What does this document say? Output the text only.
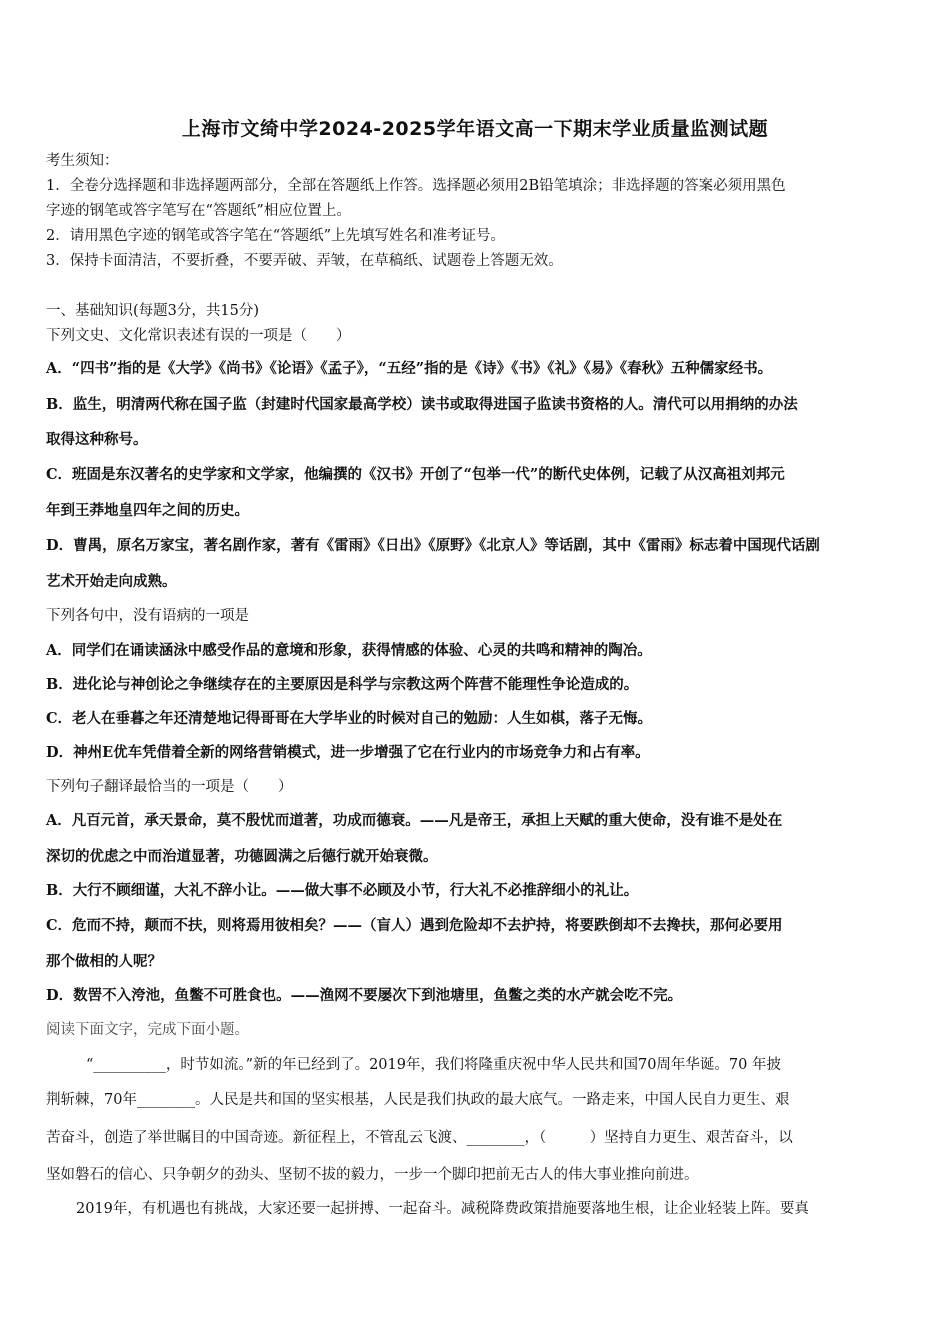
上海市文绮中学2024-2025学年语文高一下期末学业质量监测试题
考生须知：
1．全卷分选择题和非选择题两部分，全部在答题纸上作答。选择题必须用2B铅笔填涂；非选择题的答案必须用黑色
字迹的钢笔或答字笔写在“答题纸”相应位置上。
2．请用黑色字迹的钢笔或答字笔在“答题纸”上先填写姓名和准考证号。
3．保持卡面清洁，不要折叠，不要弄破、弄皱，在草稿纸、试题卷上答题无效。
一、基础知识(每题3分，共15分)
下列文史、文化常识表述有误的一项是（　　）
A．“四书”指的是《大学》《尚书》《论语》《孟子》，“五经”指的是《诗》《书》《礼》《易》《春秋》五种儒家经书。
B．监生，明清两代称在国子监（封建时代国家最高学校）读书或取得进国子监读书资格的人。清代可以用捐纳的办法
取得这种称号。
C．班固是东汉著名的史学家和文学家，他编撰的《汉书》开创了“包举一代”的断代史体例，记载了从汉高祖刘邦元
年到王莽地皇四年之间的历史。
D．曹禺，原名万家宝，著名剧作家，著有《雷雨》《日出》《原野》《北京人》等话剧，其中《雷雨》标志着中国现代话剧
艺术开始走向成熟。
下列各句中，没有语病的一项是
A．同学们在诵读涵泳中感受作品的意境和形象，获得情感的体验、心灵的共鸣和精神的陶冶。
B．进化论与神创论之争继续存在的主要原因是科学与宗教这两个阵营不能理性争论造成的。
C．老人在垂暮之年还清楚地记得哥哥在大学毕业的时候对自己的勉励：人生如棋，落子无悔。
D．神州E优车凭借着全新的网络营销模式，进一步增强了它在行业内的市场竞争力和占有率。
下列句子翻译最恰当的一项是（　　）
A．凡百元首，承天景命，莫不殷忧而道著，功成而德衰。——凡是帝王，承担上天赋的重大使命，没有谁不是处在
深切的优虑之中而治道显著，功德圆满之后德行就开始衰微。
B．大行不顾细谨，大礼不辞小让。——做大事不必顾及小节，行大礼不必推辞细小的礼让。
C．危而不持，颠而不扶，则将焉用彼相矣？——（盲人）遇到危险却不去护持，将要跌倒却不去搀扶，那何必要用
那个做相的人呢？
D．数罟不入洿池，鱼鳖不可胜食也。——渔网不要屡次下到池塘里，鱼鳖之类的水产就会吃不完。
阅读下面文字，完成下面小题。
“__________，时节如流。”新的年已经到了。2019年，我们将隆重庆祝中华人民共和国70周年华诞。70 年披
荆斩棘，70年________。人民是共和国的坚实根基，人民是我们执政的最大底气。一路走来，中国人民自力更生、艰
苦奋斗，创造了举世瞩目的中国奇迹。新征程上，不管乱云飞渡、________，（　　　）坚持自力更生、艰苦奋斗，以
坚如磐石的信心、只争朝夕的劲头、坚韧不拔的毅力，一步一个脚印把前无古人的伟大事业推向前进。
2019年，有机遇也有挑战，大家还要一起拼搏、一起奋斗。减税降费政策措施要落地生根，让企业轻装上阵。要真
